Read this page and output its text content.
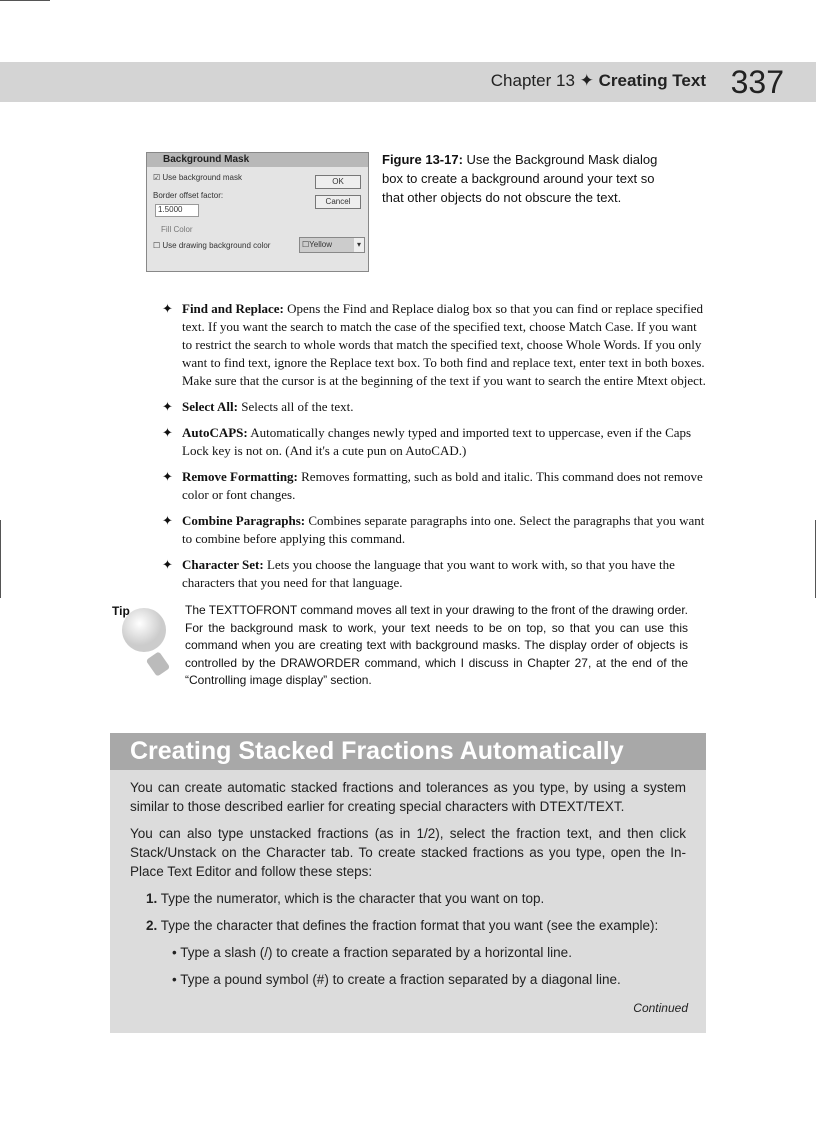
Chapter 13 ✦ Creating Text 337
Background Mask
☑ Use background mask
Border offset factor:
1.5000
OK
Cancel
Fill Color
☐ Use drawing background color	☐Yellow	▾
Figure 13-17: Use the Background Mask dialog box to create a background around your text so that other objects do not obscure the text.
✦ Find and Replace: Opens the Find and Replace dialog box so that you can find or replace specified text. If you want the search to match the case of the specified text, choose Match Case. If you want to restrict the search to whole words that match the specified text, choose Whole Words. If you only want to find text, ignore the Replace text box. To both find and replace text, enter text in both boxes. Make sure that the cursor is at the beginning of the text if you want to search the entire Mtext object.
✦ Select All: Selects all of the text.
✦ AutoCAPS: Automatically changes newly typed and imported text to uppercase, even if the Caps Lock key is not on. (And it's a cute pun on AutoCAD.)
✦ Remove Formatting: Removes formatting, such as bold and italic. This command does not remove color or font changes.
✦ Combine Paragraphs: Combines separate paragraphs into one. Select the paragraphs that you want to combine before applying this command.
✦ Character Set: Lets you choose the language that you want to work with, so that you have the characters that you need for that language.
Tip	The TEXTTOFRONT command moves all text in your drawing to the front of the drawing order. For the background mask to work, your text needs to be on top, so that you can use this command when you are creating text with background masks. The display order of objects is controlled by the DRAWORDER command, which I discuss in Chapter 27, at the end of the “Controlling image display” section.
Creating Stacked Fractions Automatically

You can create automatic stacked fractions and tolerances as you type, by using a system similar to those described earlier for creating special characters with DTEXT/TEXT.

You can also type unstacked fractions (as in 1/2), select the fraction text, and then click Stack/Unstack on the Character tab. To create stacked fractions as you type, open the In-Place Text Editor and follow these steps:

1. Type the numerator, which is the character that you want on top.
2. Type the character that defines the fraction format that you want (see the example):
• Type a slash (/) to create a fraction separated by a horizontal line.
• Type a pound symbol (#) to create a fraction separated by a diagonal line.
Continued
